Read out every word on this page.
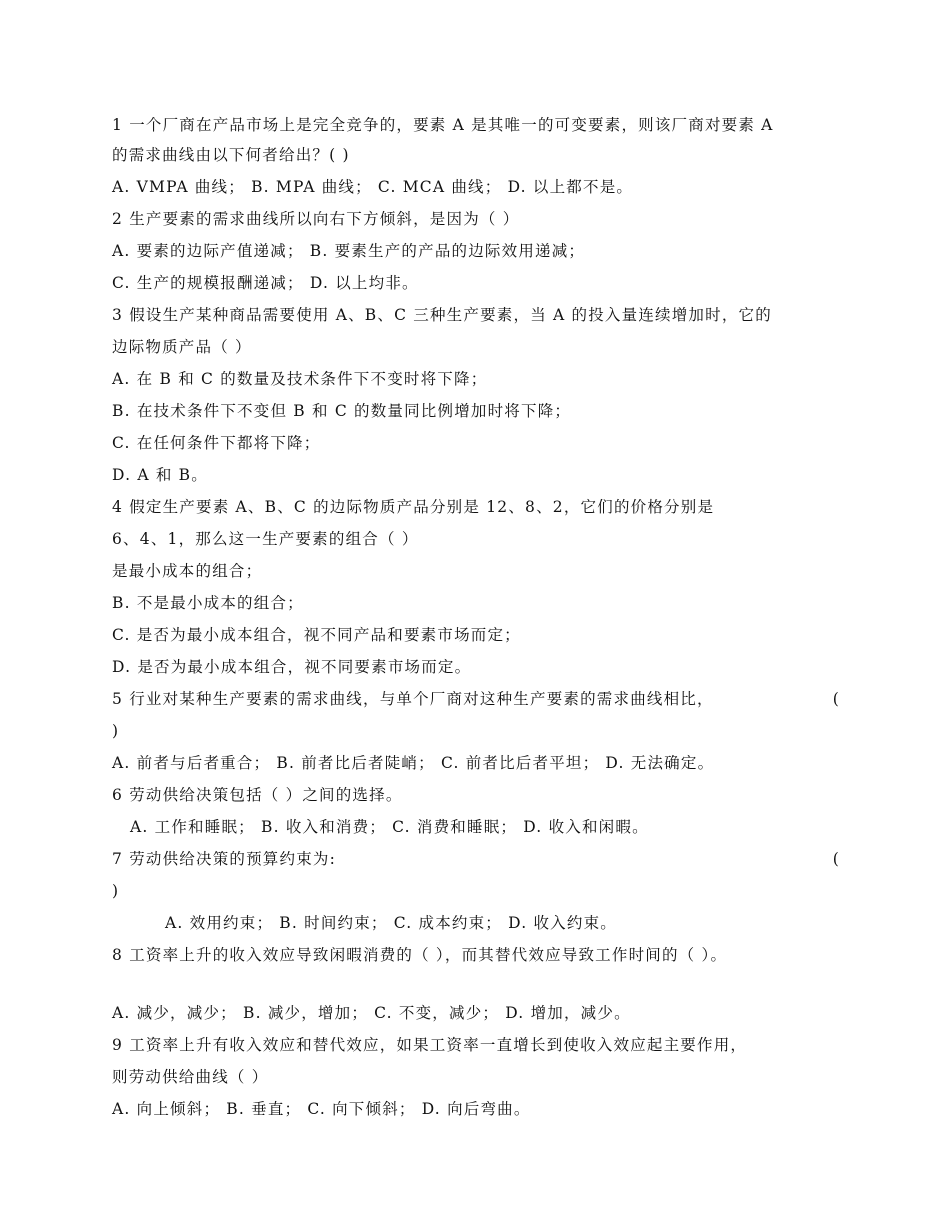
1 一个厂商在产品市场上是完全竞争的，要素 A 是其唯一的可变要素，则该厂商对要素 A
的需求曲线由以下何者给出？( )
A. VMPA 曲线； B. MPA 曲线； C. MCA 曲线； D. 以上都不是。
2 生产要素的需求曲线所以向右下方倾斜，是因为（ ）
A. 要素的边际产值递减； B. 要素生产的产品的边际效用递减；
C. 生产的规模报酬递减； D. 以上均非。
3 假设生产某种商品需要使用 A、B、C 三种生产要素，当 A 的投入量连续增加时，它的
边际物质产品（ ）
A. 在 B 和 C 的数量及技术条件下不变时将下降；
B. 在技术条件下不变但 B 和 C 的数量同比例增加时将下降；
C. 在任何条件下都将下降；
D. A 和 B。
4 假定生产要素 A、B、C 的边际物质产品分别是 12、8、2，它们的价格分别是
6、4、1，那么这一生产要素的组合（ ）
是最小成本的组合；
B. 不是最小成本的组合；
C. 是否为最小成本组合，视不同产品和要素市场而定；
D. 是否为最小成本组合，视不同要素市场而定。
5 行业对某种生产要素的需求曲线，与单个厂商对这种生产要素的需求曲线相比，	(
)
A. 前者与后者重合； B. 前者比后者陡峭； C. 前者比后者平坦； D. 无法确定。
6 劳动供给决策包括（ ）之间的选择。
A. 工作和睡眠； B. 收入和消费； C. 消费和睡眠； D. 收入和闲暇。
7 劳动供给决策的预算约束为:	(
)
A. 效用约束； B. 时间约束； C. 成本约束； D. 收入约束。
8 工资率上升的收入效应导致闲暇消费的（ ），而其替代效应导致工作时间的（ ）。
A. 减少，减少； B. 减少，增加； C. 不变，减少； D. 增加，减少。
9 工资率上升有收入效应和替代效应，如果工资率一直增长到使收入效应起主要作用，
则劳动供给曲线（ ）
A. 向上倾斜； B. 垂直； C. 向下倾斜； D. 向后弯曲。
